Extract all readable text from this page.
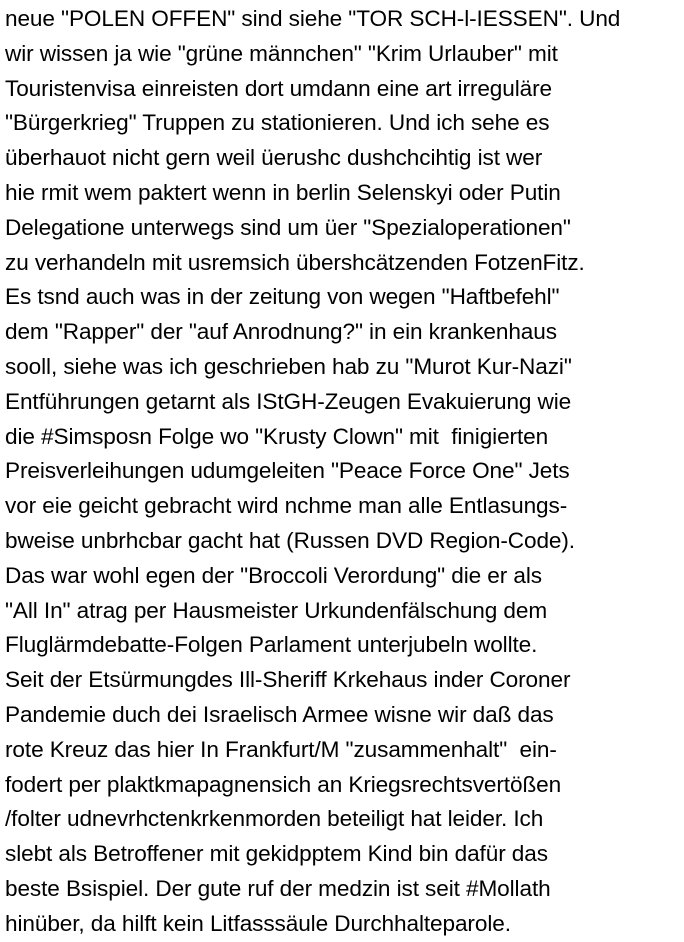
neue "POLEN OFFEN" sind siehe "TOR SCH-l-IESSEN". Und
wir wissen ja wie "grüne männchen" "Krim Urlauber" mit
Touristenvisa einreisten dort umdann eine art irreguläre
"Bürgerkrieg" Truppen zu stationieren. Und ich sehe es
überhauot nicht gern weil üerushc dushchcihtig ist wer
hie rmit wem paktert wenn in berlin Selenskyi oder Putin
Delegatione unterwegs sind um üer "Spezialoperationen"
zu verhandeln mit usremsich übershcätzenden FotzenFitz.
Es tsnd auch was in der zeitung von wegen "Haftbefehl"
dem "Rapper" der "auf Anrodnung?" in ein krankenhaus
sooll, siehe was ich geschrieben hab zu "Murot Kur-Nazi"
Entführungen getarnt als IStGH-Zeugen Evakuierung wie
die #Simsposn Folge wo "Krusty Clown" mit  finigierten
Preisverleihungen udumgeleiten "Peace Force One" Jets
vor eie geicht gebracht wird nchme man alle Entlasungs-
bweise unbrhcbar gacht hat (Russen DVD Region-Code).
Das war wohl egen der "Broccoli Verordung" die er als
"All In" atrag per Hausmeister Urkundenfälschung dem
Fluglärmdebatte-Folgen Parlament unterjubeln wollte.
Seit der Etsürmungdes Ill-Sheriff Krkehaus inder Coroner
Pandemie duch dei Israelisch Armee wisne wir daß das
rote Kreuz das hier In Frankfurt/M "zusammenhalt"  ein-
fodert per plaktkmapagnensich an Kriegsrechtsvertößen
/folter udnevrhctenkrkenmorden beteiligt hat leider. Ich
slebt als Betroffener mit gekidpptem Kind bin dafür das
beste Bsispiel. Der gute ruf der medzin ist seit #Mollath
hinüber, da hilft kein Litfasssäule Durchhalteparole.
